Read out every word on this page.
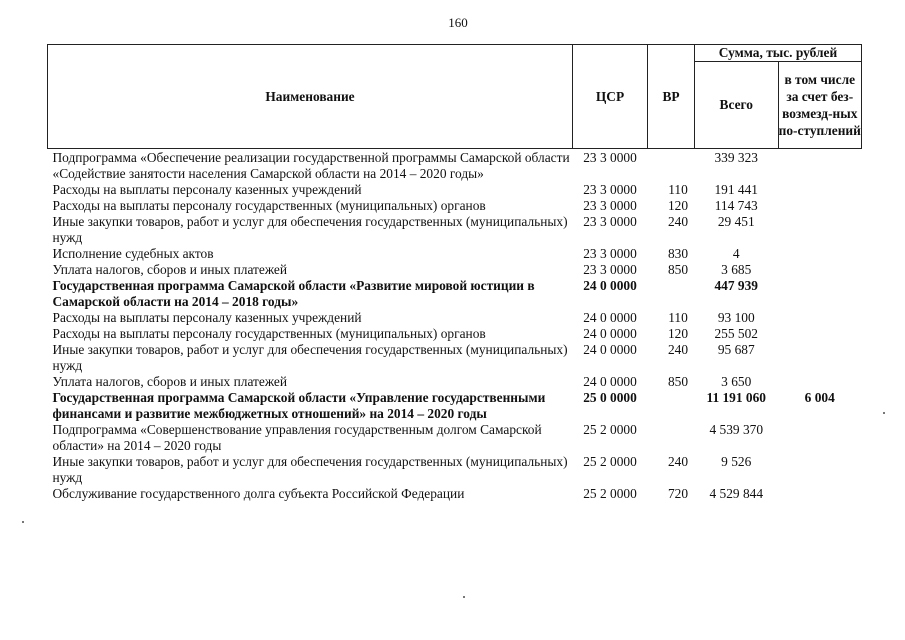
160
Наименование	ЦСР	ВР	Сумма, тыс. рублей	
			Всего	в том числе за счет без-возмезд-ных по-ступлений
Подпрограмма «Обеспечение реализации государственной программы Самарской области «Содействие занятости населения Самарской области на 2014 – 2020 годы»	23 3 0000		339 323	
Расходы на выплаты персоналу казенных учреждений	23 3 0000	110	191 441	
Расходы на выплаты персоналу государственных (муниципальных) органов	23 3 0000	120	114 743	
Иные закупки товаров, работ и услуг для обеспечения государственных (муниципальных) нужд	23 3 0000	240	29 451	
Исполнение судебных актов	23 3 0000	830	4	
Уплата налогов, сборов и иных платежей	23 3 0000	850	3 685	
Государственная программа Самарской области «Развитие мировой юстиции в Самарской области на 2014 – 2018 годы»	24 0 0000		447 939	
Расходы на выплаты персоналу казенных учреждений	24 0 0000	110	93 100	
Расходы на выплаты персоналу государственных (муниципальных) органов	24 0 0000	120	255 502	
Иные закупки товаров, работ и услуг для обеспечения государственных (муниципальных) нужд	24 0 0000	240	95 687	
Уплата налогов, сборов и иных платежей	24 0 0000	850	3 650	
Государственная программа Самарской области «Управление государственными финансами и развитие межбюджетных отношений» на 2014 – 2020 годы	25 0 0000		11 191 060	6 004
Подпрограмма «Совершенствование управления государственным долгом Самарской области» на 2014 – 2020 годы	25 2 0000		4 539 370	
Иные закупки товаров, работ и услуг для обеспечения государственных (муниципальных) нужд	25 2 0000	240	9 526	
Обслуживание государственного долга субъекта Российской Федерации	25 2 0000	720	4 529 844	
